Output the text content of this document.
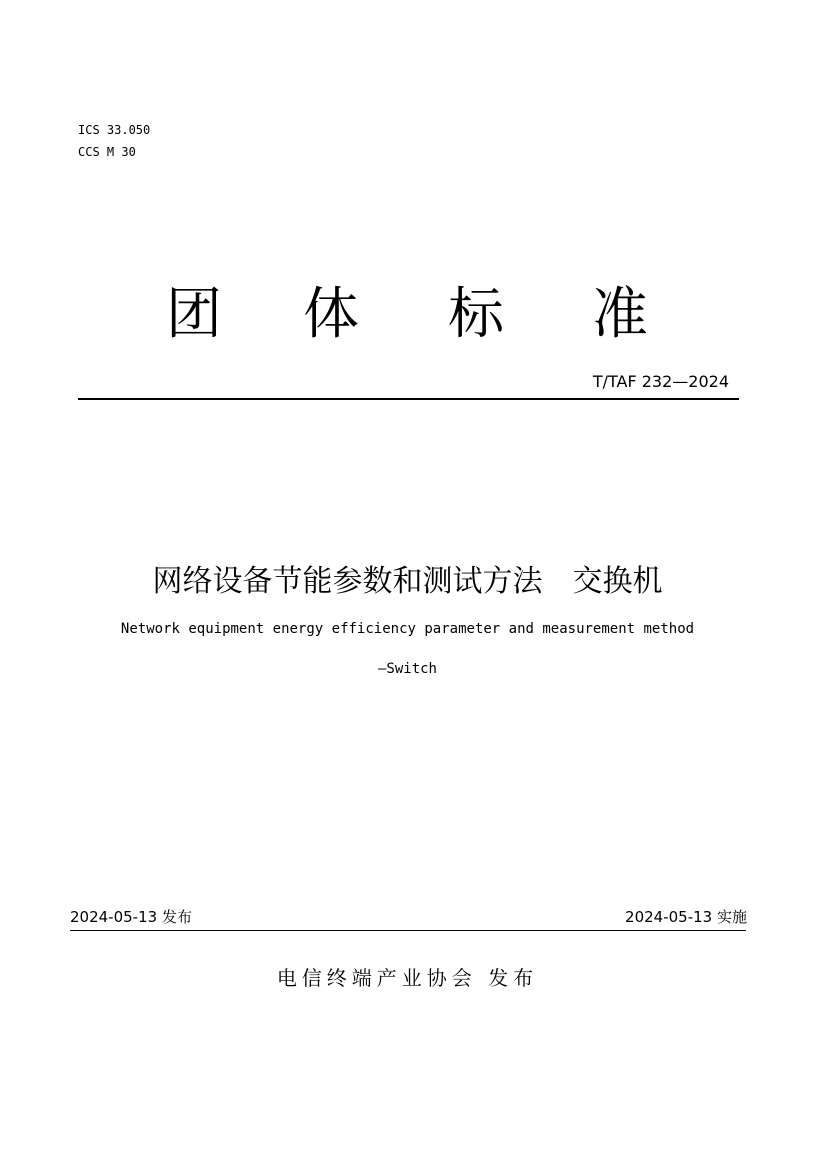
ICS 33.050
CCS M 30
团 体 标 准
T/TAF 232—2024
网络设备节能参数和测试方法　交换机
Network equipment energy efficiency parameter and measurement method
—Switch
2024-05-13 发布	2024-05-13 实施
电信终端产业协会 发布
